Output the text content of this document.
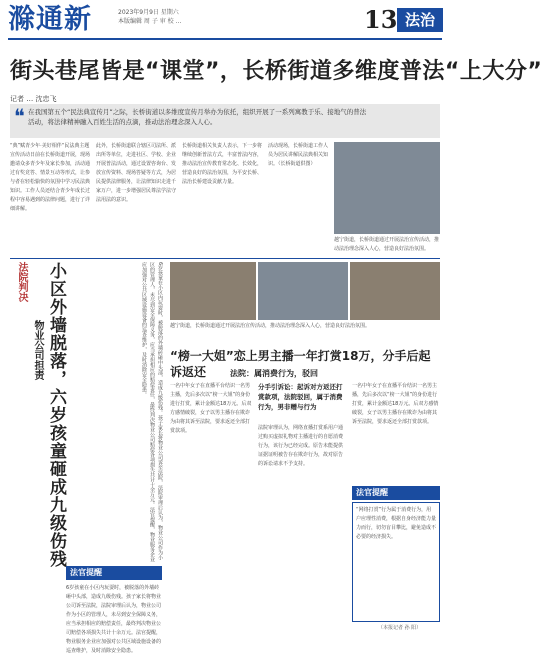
滁通新	2023年9月9日 星期六
本版编辑 周 子 审 校 …	13 法治
街头巷尾皆是“课堂”，长桥街道多维度普法“上大分”
记者 … 沈忠飞
❝ 在我国第五个“民法典宣传月”之际，长桥街道以多维度宣传月举办为依托，组织开展了一系列寓教于乐、接地气的普法活动，将法律精神融入百姓生活的点滴，推动法治理念深入人心。
“典”赋青少年·美好相伴“民法典主题宣传活动日前在长桥街道开展，现场邀请众多青少年及家长参加，活动通过有奖竞答、情景互动等形式，让参与者在轻松愉快的氛围中学习民法典知识。工作人员还结合青少年成长过程中容易遇到的法律问题，进行了详细讲解。
此外，长桥街道联合辖区司法所、派出所等单位，走进社区、学校、企业开展普法活动，通过设置咨询台、发放宣传资料、现场答疑等方式，为居民提供法律服务，让法律知识走进千家万户，进一步增强居民尊法学法守法用法的意识。
长桥街道相关负责人表示，下一步将继续创新普法方式，丰富普法内容，推动法治宣传教育常态化、长效化，营造良好的法治氛围，为平安长桥、法治长桥建设贡献力量。
活动现场，长桥街道工作人员为居民讲解民法典相关知识。（长桥街道供图）
越宁街道，长桥街道通过开展法治宣传活动，推动法治理念深入人心，营造良好法治氛围。
法院判决
物业公司担责 小区外墙脱落，六岁孩童砸成九级伤残	6岁孩童在小区内玩耍时，被脱落的外墙砖砸中头部，造成九级伤残。孩子家长将物业公司诉至法院，法院审理后认为，物业公司作为小区的管理人，未尽到安全保障义务，应当承担相应的赔偿责任，最终判决物业公司赔偿各项损失共计十余万元。法官提醒，物业服务企业应加强对公共区域设施设备的巡查维护，及时消除安全隐患。
法官提醒
6岁孩童在小区内玩耍时，被脱落的外墙砖砸中头部，造成九级伤残。孩子家长将物业公司诉至法院，法院审理后认为，物业公司作为小区的管理人，未尽到安全保障义务，应当承担相应的赔偿责任，最终判决物业公司赔偿各项损失共计十余万元。法官提醒，物业服务企业应加强对公共区域设施设备的巡查维护，及时消除安全隐患。
越宁街道，长桥街道通过开展法治宣传活动，推动法治理念深入人心，营造良好法治氛围。
“榜一大姐”恋上男主播一年打赏18万，分手后起诉返还	法院：属消费行为，驳回
一名中年女子在直播平台结识一名男主播，先后多次以“榜一大姐”的身份进行打赏，累计金额达18万元。后双方感情破裂，女子以男主播存在欺诈为由将其诉至法院，要求返还全部打赏款项。
分手引诉讼：起诉对方返还打赏款项，法院驳回，属于消费行为，男非赠与行为
法院审理认为，网络直播打赏系用户通过购买虚拟礼物对主播进行的自愿消费行为，该行为已经完成。原告未能提供证据证明被告存在欺诈行为，故对原告的诉讼请求不予支持。
一名中年女子在直播平台结识一名男主播，先后多次以“榜一大姐”的身份进行打赏，累计金额达18万元。后双方感情破裂，女子以男主播存在欺诈为由将其诉至法院，要求返还全部打赏款项。
法官提醒
“网络打赏”行为属于消费行为，用户应理性消费，根据自身经济能力量力而行，切勿盲目攀比，避免造成不必要的经济损失。
（本报记者 孙 阳）
